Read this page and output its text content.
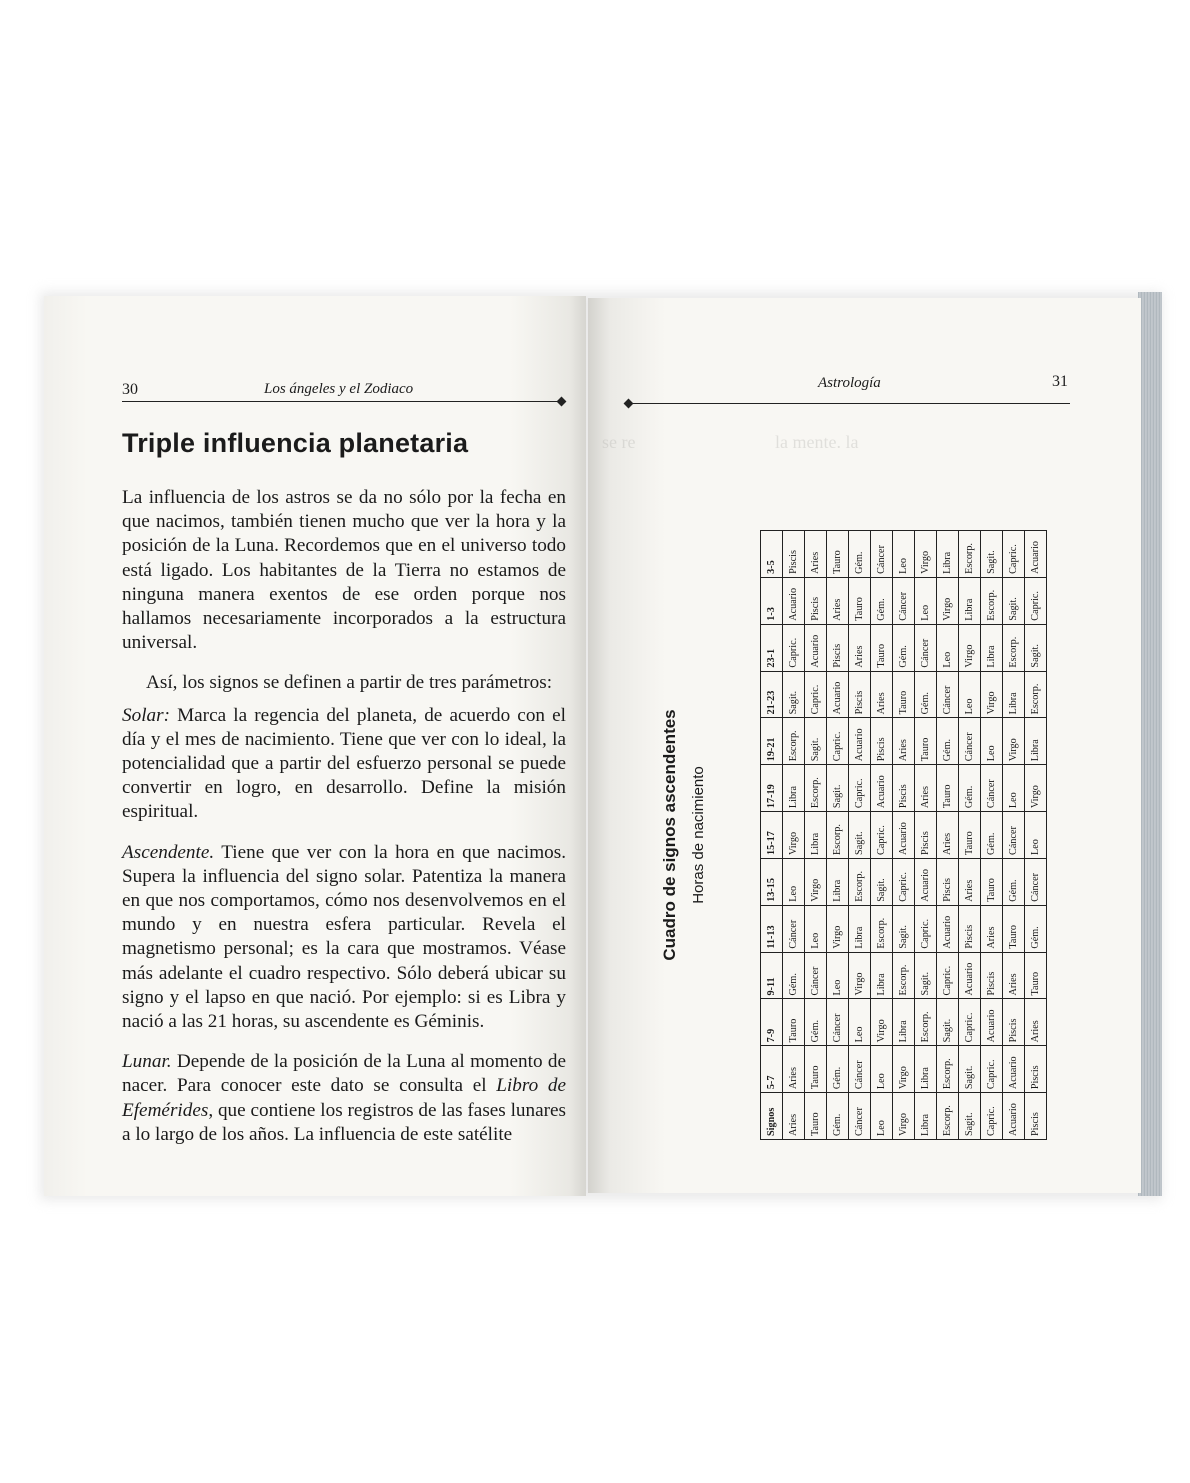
30	Los ángeles y el Zodiaco
Triple influencia planetaria

La influencia de los astros se da no sólo por la fecha en que nacimos, también tienen mucho que ver la hora y la posición de la Luna. Recordemos que en el universo todo está ligado. Los habitantes de la Tierra no estamos de ninguna manera exentos de ese orden porque nos hallamos necesariamente incorporados a la estructura universal.

Así, los signos se definen a partir de tres parámetros:

Solar: Marca la regencia del planeta, de acuerdo con el día y el mes de nacimiento. Tiene que ver con lo ideal, la potencialidad que a partir del esfuerzo personal se puede convertir en logro, en desarrollo. Define la misión espiritual.

Ascendente. Tiene que ver con la hora en que nacimos. Supera la influencia del signo solar. Patentiza la manera en que nos comportamos, cómo nos desenvolvemos en el mundo y en nuestra esfera particular. Revela el magnetismo personal; es la cara que mostramos. Véase más adelante el cuadro respectivo. Sólo deberá ubicar su signo y el lapso en que nació. Por ejemplo: si es Libra y nació a las 21 horas, su ascendente es Géminis.

Lunar. Depende de la posición de la Luna al momento de nacer. Para conocer este dato se consulta el Libro de Efemérides, que contiene los registros de las fases lunares a lo largo de los años. La influencia de este satélite

se re                               la mente. la
Astrología	31
Cuadro de signos ascendentes Horas de nacimiento
Signos	5-7	7-9	9-11	11-13	13-15	15-17	17-19	19-21	21-23	23-1	1-3	3-5
Aries	Aries	Tauro	Gém.	Cáncer	Leo	Virgo	Libra	Escorp.	Sagit.	Capric.	Acuario	Piscis
Tauro	Tauro	Gém.	Cáncer	Leo	Virgo	Libra	Escorp.	Sagit.	Capric.	Acuario	Piscis	Aries
Gém.	Gém.	Cáncer	Leo	Virgo	Libra	Escorp.	Sagit.	Capric.	Acuario	Piscis	Aries	Tauro
Cáncer	Cáncer	Leo	Virgo	Libra	Escorp.	Sagit.	Capric.	Acuario	Piscis	Aries	Tauro	Gém.
Leo	Leo	Virgo	Libra	Escorp.	Sagit.	Capric.	Acuario	Piscis	Aries	Tauro	Gém.	Cáncer
Virgo	Virgo	Libra	Escorp.	Sagit.	Capric.	Acuario	Piscis	Aries	Tauro	Gém.	Cáncer	Leo
Libra	Libra	Escorp.	Sagit.	Capric.	Acuario	Piscis	Aries	Tauro	Gém.	Cáncer	Leo	Virgo
Escorp.	Escorp.	Sagit.	Capric.	Acuario	Piscis	Aries	Tauro	Gém.	Cáncer	Leo	Virgo	Libra
Sagit.	Sagit.	Capric.	Acuario	Piscis	Aries	Tauro	Gém.	Cáncer	Leo	Virgo	Libra	Escorp.
Capric.	Capric.	Acuario	Piscis	Aries	Tauro	Gém.	Cáncer	Leo	Virgo	Libra	Escorp.	Sagit.
Acuario	Acuario	Piscis	Aries	Tauro	Gém.	Cáncer	Leo	Virgo	Libra	Escorp.	Sagit.	Capric.
Piscis	Piscis	Aries	Tauro	Gém.	Cáncer	Leo	Virgo	Libra	Escorp.	Sagit.	Capric.	Acuario
